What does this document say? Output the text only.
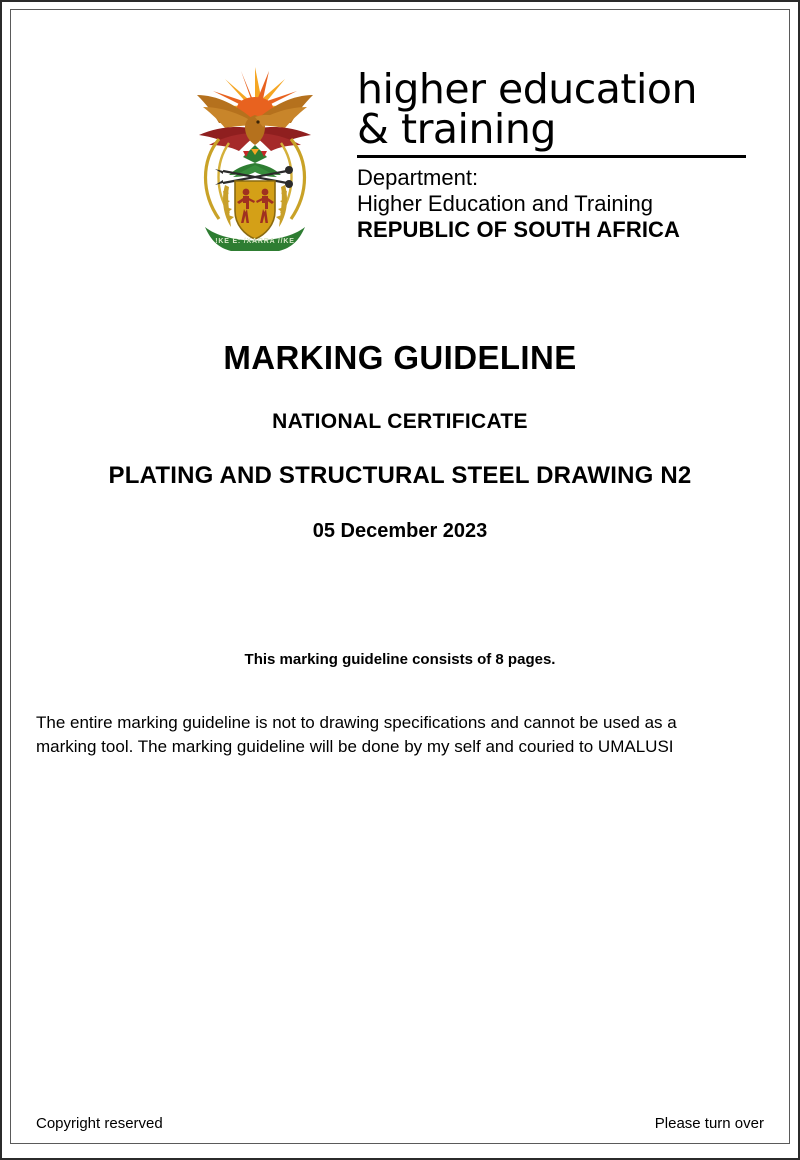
!KE E: /XARRA //KE
higher education
& training
Department:
Higher Education and Training
REPUBLIC OF SOUTH AFRICA
MARKING GUIDELINE
NATIONAL CERTIFICATE
PLATING AND STRUCTURAL STEEL DRAWING N2
05 December 2023
This marking guideline consists of 8 pages.
The entire marking guideline is not to drawing specifications and cannot be used as a marking tool. The marking guideline will be done by my self and couried to UMALUSI
Copyright reserved	Please turn over
